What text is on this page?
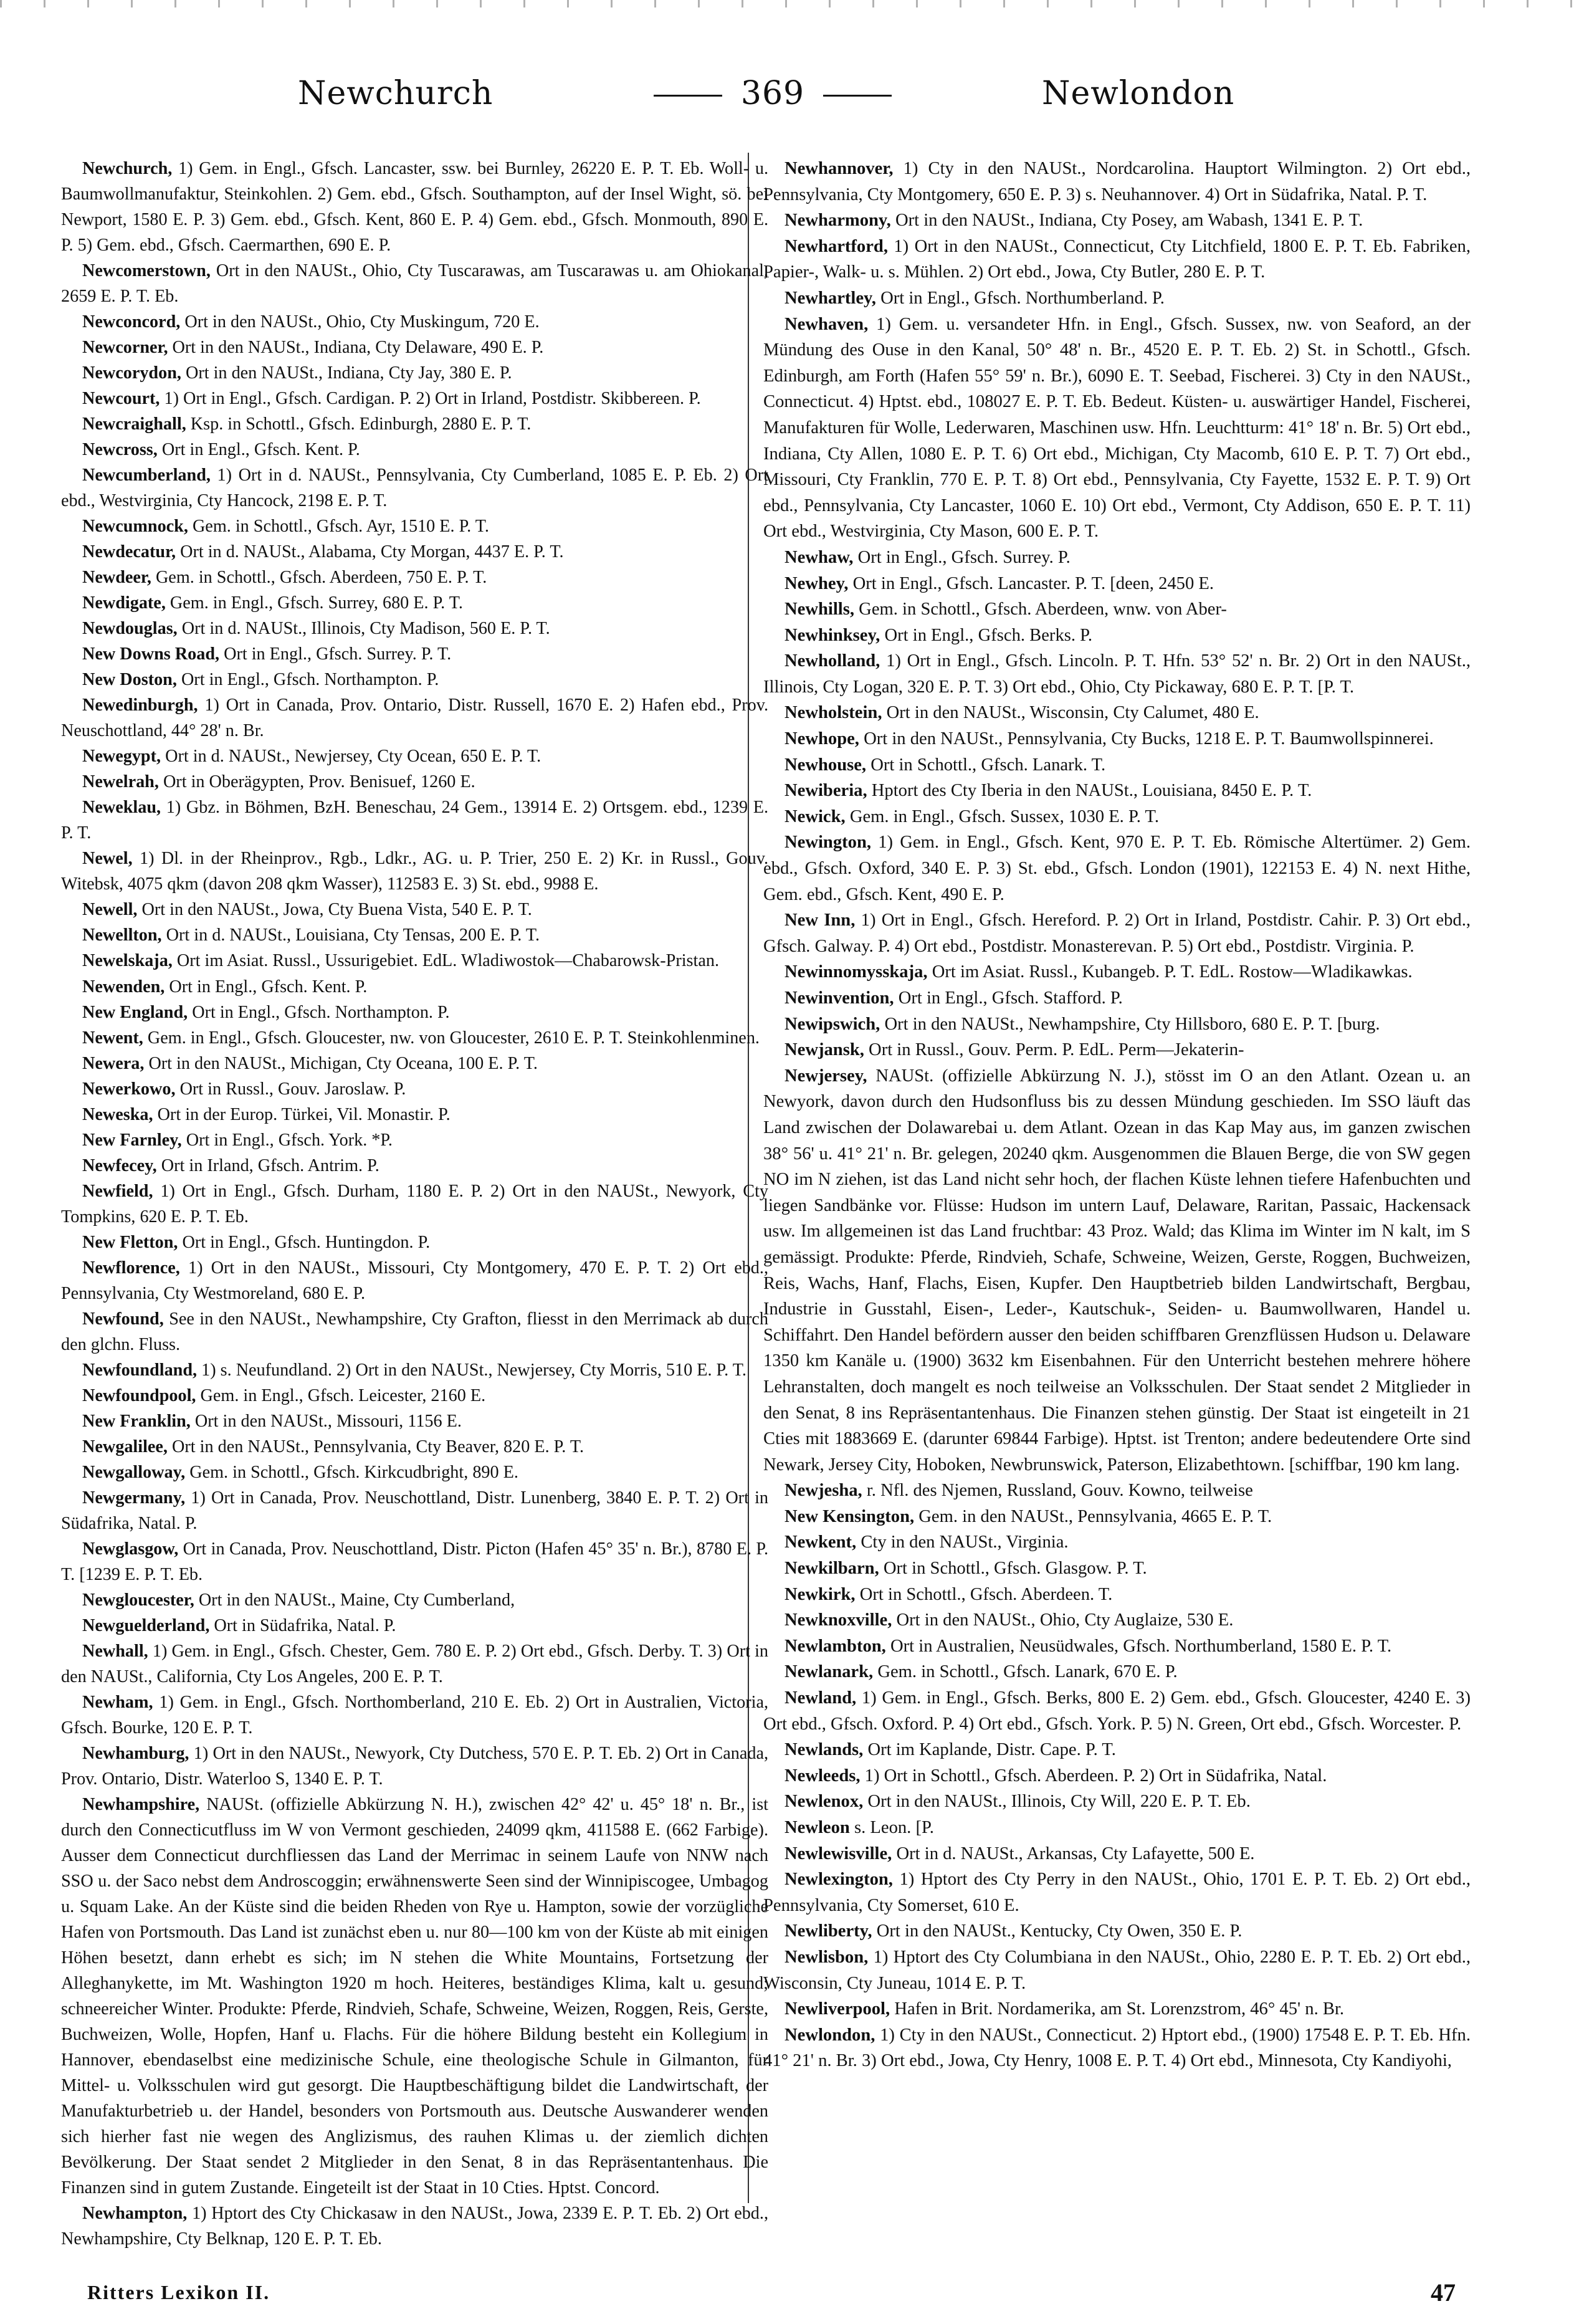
Newchurch	369	Newlondon

Newchurch, 1) Gem. in Engl., Gfsch. Lancaster, ssw. bei Burnley, 26220 E. P. T. Eb. Woll- u. Baumwollmanufaktur, Steinkohlen. 2) Gem. ebd., Gfsch. Southampton, auf der Insel Wight, sö. bei Newport, 1580 E. P. 3) Gem. ebd., Gfsch. Kent, 860 E. P. 4) Gem. ebd., Gfsch. Monmouth, 890 E. P. 5) Gem. ebd., Gfsch. Caermarthen, 690 E. P.

Newcomerstown, Ort in den NAUSt., Ohio, Cty Tuscarawas, am Tuscarawas u. am Ohiokanal, 2659 E. P. T. Eb.

Newconcord, Ort in den NAUSt., Ohio, Cty Muskingum, 720 E.

Newcorner, Ort in den NAUSt., Indiana, Cty Delaware, 490 E. P.

Newcorydon, Ort in den NAUSt., Indiana, Cty Jay, 380 E. P.

Newcourt, 1) Ort in Engl., Gfsch. Cardigan. P. 2) Ort in Irland, Postdistr. Skibbereen. P.

Newcraighall, Ksp. in Schottl., Gfsch. Edinburgh, 2880 E. P. T.

Newcross, Ort in Engl., Gfsch. Kent. P.

Newcumberland, 1) Ort in d. NAUSt., Pennsylvania, Cty Cumberland, 1085 E. P. Eb. 2) Ort ebd., Westvirginia, Cty Hancock, 2198 E. P. T.

Newcumnock, Gem. in Schottl., Gfsch. Ayr, 1510 E. P. T.

Newdecatur, Ort in d. NAUSt., Alabama, Cty Morgan, 4437 E. P. T.

Newdeer, Gem. in Schottl., Gfsch. Aberdeen, 750 E. P. T.

Newdigate, Gem. in Engl., Gfsch. Surrey, 680 E. P. T.

Newdouglas, Ort in d. NAUSt., Illinois, Cty Madison, 560 E. P. T.

New Downs Road, Ort in Engl., Gfsch. Surrey. P. T.

New Doston, Ort in Engl., Gfsch. Northampton. P.

Newedinburgh, 1) Ort in Canada, Prov. Ontario, Distr. Russell, 1670 E. 2) Hafen ebd., Prov. Neuschottland, 44° 28' n. Br.

Newegypt, Ort in d. NAUSt., Newjersey, Cty Ocean, 650 E. P. T.

Newelrah, Ort in Oberägypten, Prov. Benisuef, 1260 E.

Neweklau, 1) Gbz. in Böhmen, BzH. Beneschau, 24 Gem., 13914 E. 2) Ortsgem. ebd., 1239 E. P. T.

Newel, 1) Dl. in der Rheinprov., Rgb., Ldkr., AG. u. P. Trier, 250 E. 2) Kr. in Russl., Gouv. Witebsk, 4075 qkm (davon 208 qkm Wasser), 112583 E. 3) St. ebd., 9988 E.

Newell, Ort in den NAUSt., Jowa, Cty Buena Vista, 540 E. P. T.

Newellton, Ort in d. NAUSt., Louisiana, Cty Tensas, 200 E. P. T.

Newelskaja, Ort im Asiat. Russl., Ussurigebiet. EdL. Wladiwostok—Chabarowsk-Pristan.

Newenden, Ort in Engl., Gfsch. Kent. P.

New England, Ort in Engl., Gfsch. Northampton. P.

Newent, Gem. in Engl., Gfsch. Gloucester, nw. von Gloucester, 2610 E. P. T. Steinkohlenminen.

Newera, Ort in den NAUSt., Michigan, Cty Oceana, 100 E. P. T.

Newerkowo, Ort in Russl., Gouv. Jaroslaw. P.

Neweska, Ort in der Europ. Türkei, Vil. Monastir. P.

New Farnley, Ort in Engl., Gfsch. York. *P.

Newfecey, Ort in Irland, Gfsch. Antrim. P.

Newfield, 1) Ort in Engl., Gfsch. Durham, 1180 E. P. 2) Ort in den NAUSt., Newyork, Cty Tompkins, 620 E. P. T. Eb.

New Fletton, Ort in Engl., Gfsch. Huntingdon. P.

Newflorence, 1) Ort in den NAUSt., Missouri, Cty Montgomery, 470 E. P. T. 2) Ort ebd., Pennsylvania, Cty Westmoreland, 680 E. P.

Newfound, See in den NAUSt., Newhampshire, Cty Grafton, fliesst in den Merrimack ab durch den glchn. Fluss.

Newfoundland, 1) s. Neufundland. 2) Ort in den NAUSt., Newjersey, Cty Morris, 510 E. P. T.

Newfoundpool, Gem. in Engl., Gfsch. Leicester, 2160 E.

New Franklin, Ort in den NAUSt., Missouri, 1156 E.

Newgalilee, Ort in den NAUSt., Pennsylvania, Cty Beaver, 820 E. P. T.

Newgalloway, Gem. in Schottl., Gfsch. Kirkcudbright, 890 E.

Newgermany, 1) Ort in Canada, Prov. Neuschottland, Distr. Lunenberg, 3840 E. P. T. 2) Ort in Südafrika, Natal. P.

Newglasgow, Ort in Canada, Prov. Neuschottland, Distr. Picton (Hafen 45° 35' n. Br.), 8780 E. P. T. [1239 E. P. T. Eb.

Newgloucester, Ort in den NAUSt., Maine, Cty Cumberland,

Newguelderland, Ort in Südafrika, Natal. P.

Newhall, 1) Gem. in Engl., Gfsch. Chester, Gem. 780 E. P. 2) Ort ebd., Gfsch. Derby. T. 3) Ort in den NAUSt., California, Cty Los Angeles, 200 E. P. T.

Newham, 1) Gem. in Engl., Gfsch. Northomberland, 210 E. Eb. 2) Ort in Australien, Victoria, Gfsch. Bourke, 120 E. P. T.

Newhamburg, 1) Ort in den NAUSt., Newyork, Cty Dutchess, 570 E. P. T. Eb. 2) Ort in Canada, Prov. Ontario, Distr. Waterloo S, 1340 E. P. T.

Newhampshire, NAUSt. (offizielle Abkürzung N. H.), zwischen 42° 42' u. 45° 18' n. Br., ist durch den Connecticutfluss im W von Vermont geschieden, 24099 qkm, 411588 E. (662 Farbige). Ausser dem Connecticut durchfliessen das Land der Merrimac in seinem Laufe von NNW nach SSO u. der Saco nebst dem Androscoggin; erwähnenswerte Seen sind der Winnipiscogee, Umbagog u. Squam Lake. An der Küste sind die beiden Rheden von Rye u. Hampton, sowie der vorzügliche Hafen von Portsmouth. Das Land ist zunächst eben u. nur 80—100 km von der Küste ab mit einigen Höhen besetzt, dann erhebt es sich; im N stehen die White Mountains, Fortsetzung der Alleghanykette, im Mt. Washington 1920 m hoch. Heiteres, beständiges Klima, kalt u. gesund; schneereicher Winter. Produkte: Pferde, Rindvieh, Schafe, Schweine, Weizen, Roggen, Reis, Gerste, Buchweizen, Wolle, Hopfen, Hanf u. Flachs. Für die höhere Bildung besteht ein Kollegium in Hannover, ebendaselbst eine medizinische Schule, eine theologische Schule in Gilmanton, für Mittel- u. Volksschulen wird gut gesorgt. Die Hauptbeschäftigung bildet die Landwirtschaft, der Manufakturbetrieb u. der Handel, besonders von Portsmouth aus. Deutsche Auswanderer wenden sich hierher fast nie wegen des Anglizismus, des rauhen Klimas u. der ziemlich dichten Bevölkerung. Der Staat sendet 2 Mitglieder in den Senat, 8 in das Repräsentantenhaus. Die Finanzen sind in gutem Zustande. Eingeteilt ist der Staat in 10 Cties. Hptst. Concord.

Newhampton, 1) Hptort des Cty Chickasaw in den NAUSt., Jowa, 2339 E. P. T. Eb. 2) Ort ebd., Newhampshire, Cty Belknap, 120 E. P. T. Eb.

Newhannover, 1) Cty in den NAUSt., Nordcarolina. Hauptort Wilmington. 2) Ort ebd., Pennsylvania, Cty Montgomery, 650 E. P. 3) s. Neuhannover. 4) Ort in Südafrika, Natal. P. T.

Newharmony, Ort in den NAUSt., Indiana, Cty Posey, am Wabash, 1341 E. P. T.

Newhartford, 1) Ort in den NAUSt., Connecticut, Cty Litchfield, 1800 E. P. T. Eb. Fabriken, Papier-, Walk- u. s. Mühlen. 2) Ort ebd., Jowa, Cty Butler, 280 E. P. T.

Newhartley, Ort in Engl., Gfsch. Northumberland. P.

Newhaven, 1) Gem. u. versandeter Hfn. in Engl., Gfsch. Sussex, nw. von Seaford, an der Mündung des Ouse in den Kanal, 50° 48' n. Br., 4520 E. P. T. Eb. 2) St. in Schottl., Gfsch. Edinburgh, am Forth (Hafen 55° 59' n. Br.), 6090 E. T. Seebad, Fischerei. 3) Cty in den NAUSt., Connecticut. 4) Hptst. ebd., 108027 E. P. T. Eb. Bedeut. Küsten- u. auswärtiger Handel, Fischerei, Manufakturen für Wolle, Lederwaren, Maschinen usw. Hfn. Leuchtturm: 41° 18' n. Br. 5) Ort ebd., Indiana, Cty Allen, 1080 E. P. T. 6) Ort ebd., Michigan, Cty Macomb, 610 E. P. T. 7) Ort ebd., Missouri, Cty Franklin, 770 E. P. T. 8) Ort ebd., Pennsylvania, Cty Fayette, 1532 E. P. T. 9) Ort ebd., Pennsylvania, Cty Lancaster, 1060 E. 10) Ort ebd., Vermont, Cty Addison, 650 E. P. T. 11) Ort ebd., Westvirginia, Cty Mason, 600 E. P. T.

Newhaw, Ort in Engl., Gfsch. Surrey. P.

Newhey, Ort in Engl., Gfsch. Lancaster. P. T. [deen, 2450 E.

Newhills, Gem. in Schottl., Gfsch. Aberdeen, wnw. von Aber-

Newhinksey, Ort in Engl., Gfsch. Berks. P.

Newholland, 1) Ort in Engl., Gfsch. Lincoln. P. T. Hfn. 53° 52' n. Br. 2) Ort in den NAUSt., Illinois, Cty Logan, 320 E. P. T. 3) Ort ebd., Ohio, Cty Pickaway, 680 E. P. T. [P. T.

Newholstein, Ort in den NAUSt., Wisconsin, Cty Calumet, 480 E.

Newhope, Ort in den NAUSt., Pennsylvania, Cty Bucks, 1218 E. P. T. Baumwollspinnerei.

Newhouse, Ort in Schottl., Gfsch. Lanark. T.

Newiberia, Hptort des Cty Iberia in den NAUSt., Louisiana, 8450 E. P. T.

Newick, Gem. in Engl., Gfsch. Sussex, 1030 E. P. T.

Newington, 1) Gem. in Engl., Gfsch. Kent, 970 E. P. T. Eb. Römische Altertümer. 2) Gem. ebd., Gfsch. Oxford, 340 E. P. 3) St. ebd., Gfsch. London (1901), 122153 E. 4) N. next Hithe, Gem. ebd., Gfsch. Kent, 490 E. P.

New Inn, 1) Ort in Engl., Gfsch. Hereford. P. 2) Ort in Irland, Postdistr. Cahir. P. 3) Ort ebd., Gfsch. Galway. P. 4) Ort ebd., Postdistr. Monasterevan. P. 5) Ort ebd., Postdistr. Virginia. P.

Newinnomysskaja, Ort im Asiat. Russl., Kubangeb. P. T. EdL. Rostow—Wladikawkas.

Newinvention, Ort in Engl., Gfsch. Stafford. P.

Newipswich, Ort in den NAUSt., Newhampshire, Cty Hillsboro, 680 E. P. T. [burg.

Newjansk, Ort in Russl., Gouv. Perm. P. EdL. Perm—Jekaterin-

Newjersey, NAUSt. (offizielle Abkürzung N. J.), stösst im O an den Atlant. Ozean u. an Newyork, davon durch den Hudsonfluss bis zu dessen Mündung geschieden. Im SSO läuft das Land zwischen der Dolawarebai u. dem Atlant. Ozean in das Kap May aus, im ganzen zwischen 38° 56' u. 41° 21' n. Br. gelegen, 20240 qkm. Ausgenommen die Blauen Berge, die von SW gegen NO im N ziehen, ist das Land nicht sehr hoch, der flachen Küste lehnen tiefere Hafenbuchten und liegen Sandbänke vor. Flüsse: Hudson im untern Lauf, Delaware, Raritan, Passaic, Hackensack usw. Im allgemeinen ist das Land fruchtbar: 43 Proz. Wald; das Klima im Winter im N kalt, im S gemässigt. Produkte: Pferde, Rindvieh, Schafe, Schweine, Weizen, Gerste, Roggen, Buchweizen, Reis, Wachs, Hanf, Flachs, Eisen, Kupfer. Den Hauptbetrieb bilden Landwirtschaft, Bergbau, Industrie in Gusstahl, Eisen-, Leder-, Kautschuk-, Seiden- u. Baumwollwaren, Handel u. Schiffahrt. Den Handel befördern ausser den beiden schiffbaren Grenzflüssen Hudson u. Delaware 1350 km Kanäle u. (1900) 3632 km Eisenbahnen. Für den Unterricht bestehen mehrere höhere Lehranstalten, doch mangelt es noch teilweise an Volksschulen. Der Staat sendet 2 Mitglieder in den Senat, 8 ins Repräsentantenhaus. Die Finanzen stehen günstig. Der Staat ist eingeteilt in 21 Cties mit 1883669 E. (darunter 69844 Farbige). Hptst. ist Trenton; andere bedeutendere Orte sind Newark, Jersey City, Hoboken, Newbrunswick, Paterson, Elizabethtown. [schiffbar, 190 km lang.

Newjesha, r. Nfl. des Njemen, Russland, Gouv. Kowno, teilweise

New Kensington, Gem. in den NAUSt., Pennsylvania, 4665 E. P. T.

Newkent, Cty in den NAUSt., Virginia.

Newkilbarn, Ort in Schottl., Gfsch. Glasgow. P. T.

Newkirk, Ort in Schottl., Gfsch. Aberdeen. T.

Newknoxville, Ort in den NAUSt., Ohio, Cty Auglaize, 530 E.

Newlambton, Ort in Australien, Neusüdwales, Gfsch. Northumberland, 1580 E. P. T.

Newlanark, Gem. in Schottl., Gfsch. Lanark, 670 E. P.

Newland, 1) Gem. in Engl., Gfsch. Berks, 800 E. 2) Gem. ebd., Gfsch. Gloucester, 4240 E. 3) Ort ebd., Gfsch. Oxford. P. 4) Ort ebd., Gfsch. York. P. 5) N. Green, Ort ebd., Gfsch. Worcester. P.

Newlands, Ort im Kaplande, Distr. Cape. P. T.

Newleeds, 1) Ort in Schottl., Gfsch. Aberdeen. P. 2) Ort in Südafrika, Natal.

Newlenox, Ort in den NAUSt., Illinois, Cty Will, 220 E. P. T. Eb.

Newleon s. Leon. [P.

Newlewisville, Ort in d. NAUSt., Arkansas, Cty Lafayette, 500 E.

Newlexington, 1) Hptort des Cty Perry in den NAUSt., Ohio, 1701 E. P. T. Eb. 2) Ort ebd., Pennsylvania, Cty Somerset, 610 E.

Newliberty, Ort in den NAUSt., Kentucky, Cty Owen, 350 E. P.

Newlisbon, 1) Hptort des Cty Columbiana in den NAUSt., Ohio, 2280 E. P. T. Eb. 2) Ort ebd., Wisconsin, Cty Juneau, 1014 E. P. T.

Newliverpool, Hafen in Brit. Nordamerika, am St. Lorenzstrom, 46° 45' n. Br.

Newlondon, 1) Cty in den NAUSt., Connecticut. 2) Hptort ebd., (1900) 17548 E. P. T. Eb. Hfn. 41° 21' n. Br. 3) Ort ebd., Jowa, Cty Henry, 1008 E. P. T. 4) Ort ebd., Minnesota, Cty Kandiyohi,

Ritters Lexikon II.	47
